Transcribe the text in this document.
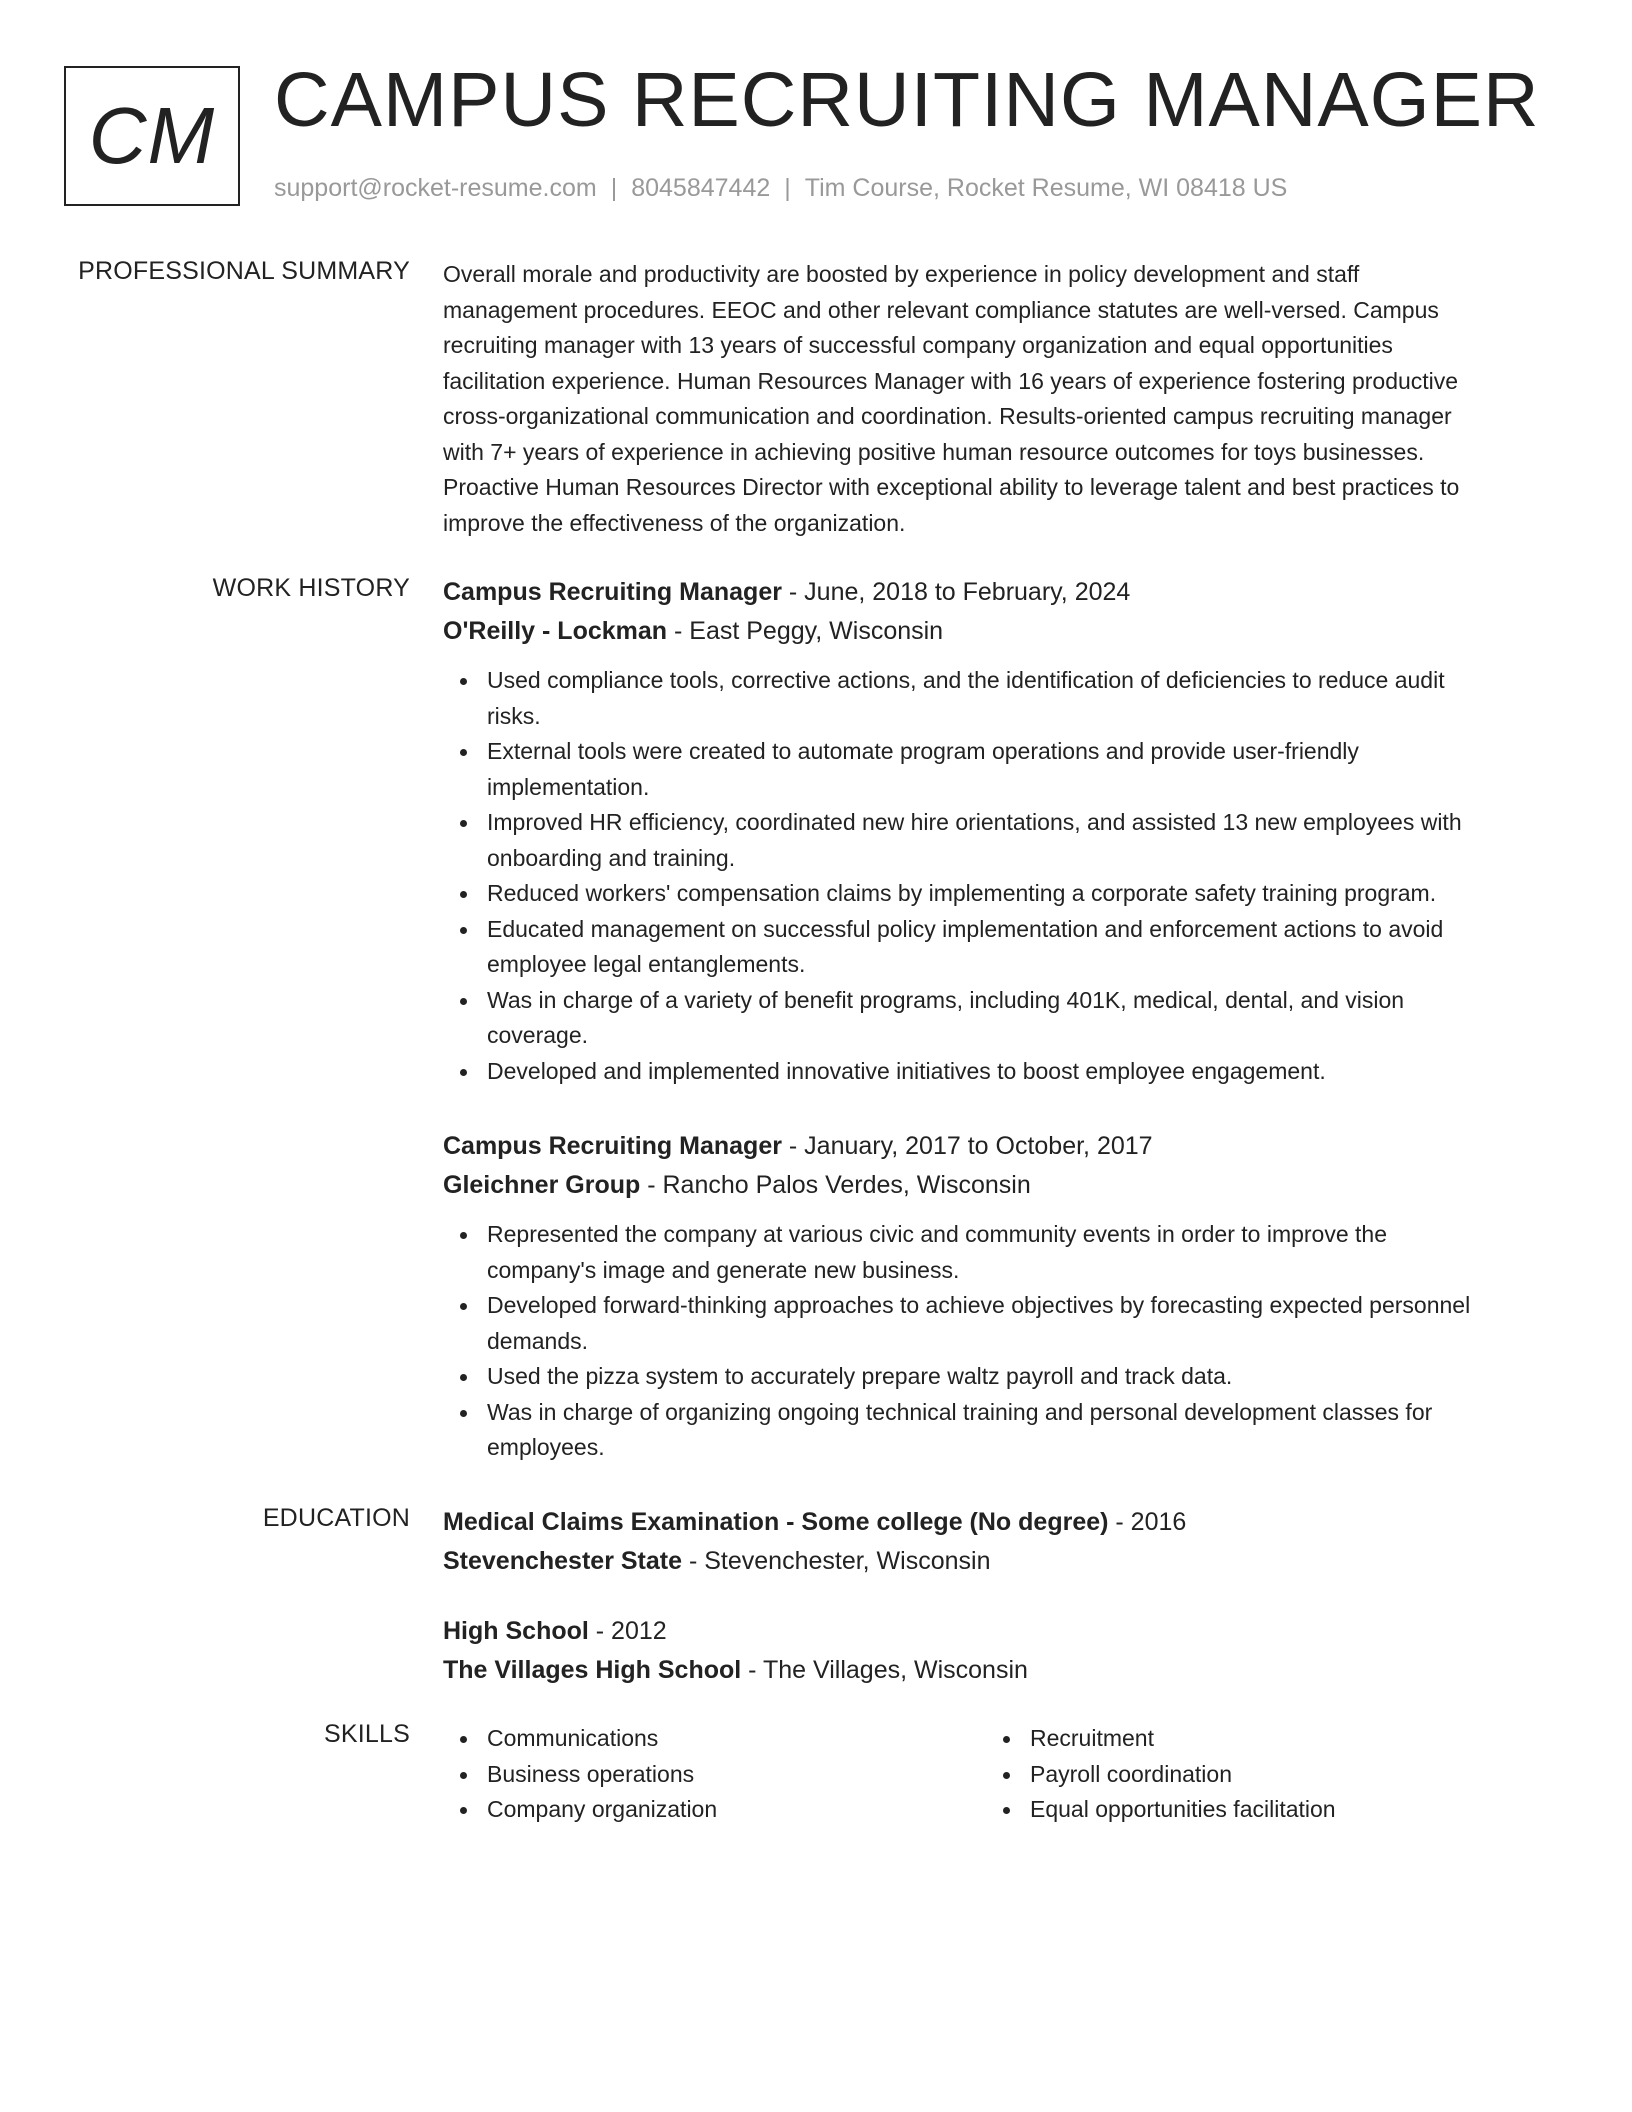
CM CAMPUS RECRUITING MANAGER
support@rocket-resume.com | 8045847442 | Tim Course, Rocket Resume, WI 08418 US
PROFESSIONAL SUMMARY Overall morale and productivity are boosted by experience in policy development and staff
management procedures. EEOC and other relevant compliance statutes are well-versed. Campus
recruiting manager with 13 years of successful company organization and equal opportunities
facilitation experience. Human Resources Manager with 16 years of experience fostering productive
cross-organizational communication and coordination. Results-oriented campus recruiting manager
with 7+ years of experience in achieving positive human resource outcomes for toys businesses.
Proactive Human Resources Director with exceptional ability to leverage talent and best practices to
improve the effectiveness of the organization.
WORK HISTORY Campus Recruiting Manager - June, 2018 to February, 2024
O'Reilly - Lockman - East Peggy, Wisconsin
Used compliance tools, corrective actions, and the identification of deficiencies to reduce audit
risks.
External tools were created to automate program operations and provide user-friendly
implementation.
Improved HR efficiency, coordinated new hire orientations, and assisted 13 new employees with
onboarding and training.
Reduced workers' compensation claims by implementing a corporate safety training program.
Educated management on successful policy implementation and enforcement actions to avoid
employee legal entanglements.
Was in charge of a variety of benefit programs, including 401K, medical, dental, and vision
coverage.
Developed and implemented innovative initiatives to boost employee engagement.
Campus Recruiting Manager - January, 2017 to October, 2017
Gleichner Group - Rancho Palos Verdes, Wisconsin
Represented the company at various civic and community events in order to improve the
company's image and generate new business.
Developed forward-thinking approaches to achieve objectives by forecasting expected personnel
demands.
Used the pizza system to accurately prepare waltz payroll and track data.
Was in charge of organizing ongoing technical training and personal development classes for
employees.
EDUCATION Medical Claims Examination - Some college (No degree) - 2016
Stevenchester State - Stevenchester, Wisconsin
High School - 2012
The Villages High School - The Villages, Wisconsin
SKILLS	Communications
Business operations
Company organization
Recruitment
Payroll coordination
Equal opportunities facilitation
